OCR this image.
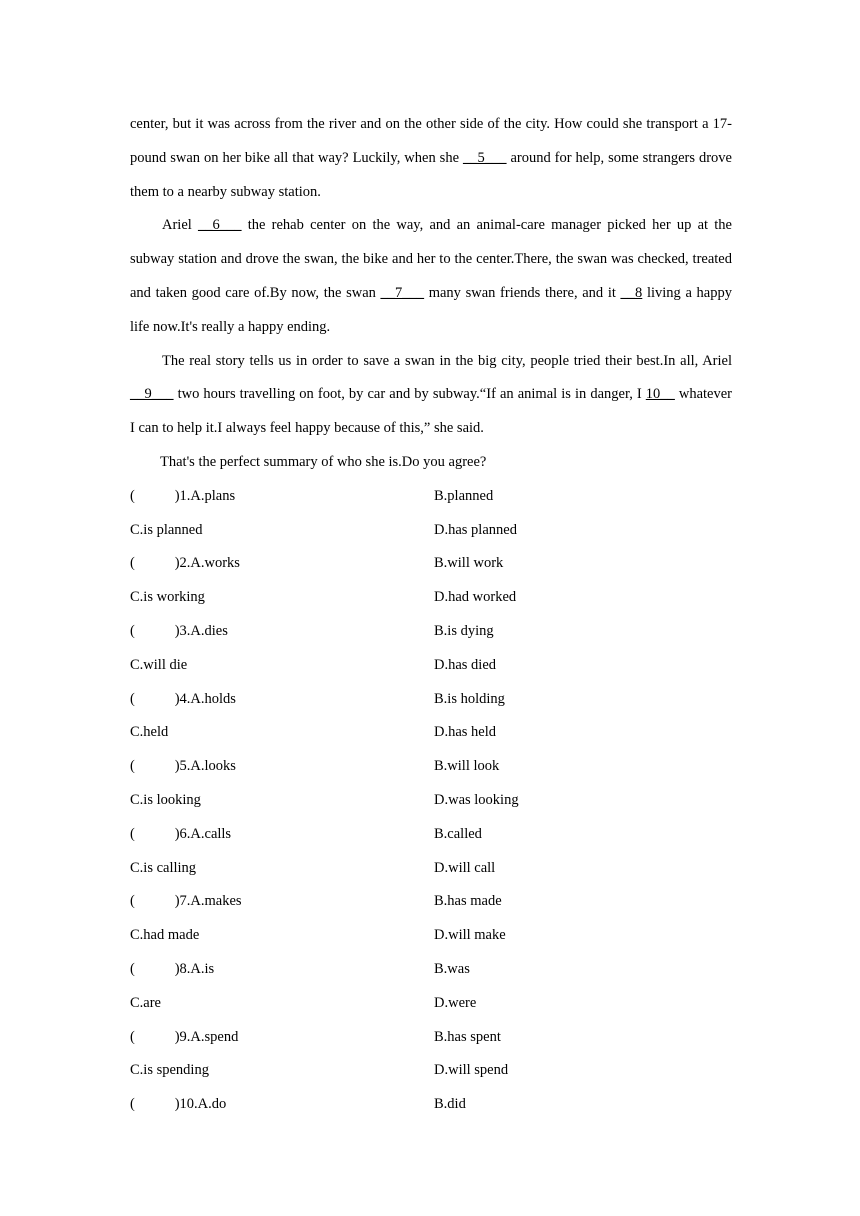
center, but it was across from the river and on the other side of the city. How could she transport a 17-pound swan on her bike all that way? Luckily, when she __5___ around for help, some strangers drove them to a nearby subway station.

Ariel __6___ the rehab center on the way, and an animal-care manager picked her up at the subway station and drove the swan, the bike and her to the center.There, the swan was checked, treated and taken good care of.By now, the swan __7___ many swan friends there, and it __8 living a happy life now.It's really a happy ending.

The real story tells us in order to save a swan in the big city, people tried their best.In all, Ariel __9___ two hours travelling on foot, by car and by subway.“If an animal is in danger, I 10__ whatever I can to help it.I always feel happy because of this,” she said.

That's the perfect summary of who she is.Do you agree?

(           )1.A.plans	B.planned
C.is planned	D.has planned
(           )2.A.works	B.will work
C.is working	D.had worked
(           )3.A.dies	B.is dying
C.will die	D.has died
(           )4.A.holds	B.is holding
C.held	D.has held
(           )5.A.looks	B.will look
C.is looking	D.was looking
(           )6.A.calls	B.called
C.is calling	D.will call
(           )7.A.makes	B.has made
C.had made	D.will make
(           )8.A.is	B.was
C.are	D.were
(           )9.A.spend	B.has spent
C.is spending	D.will spend
(           )10.A.do	B.did
